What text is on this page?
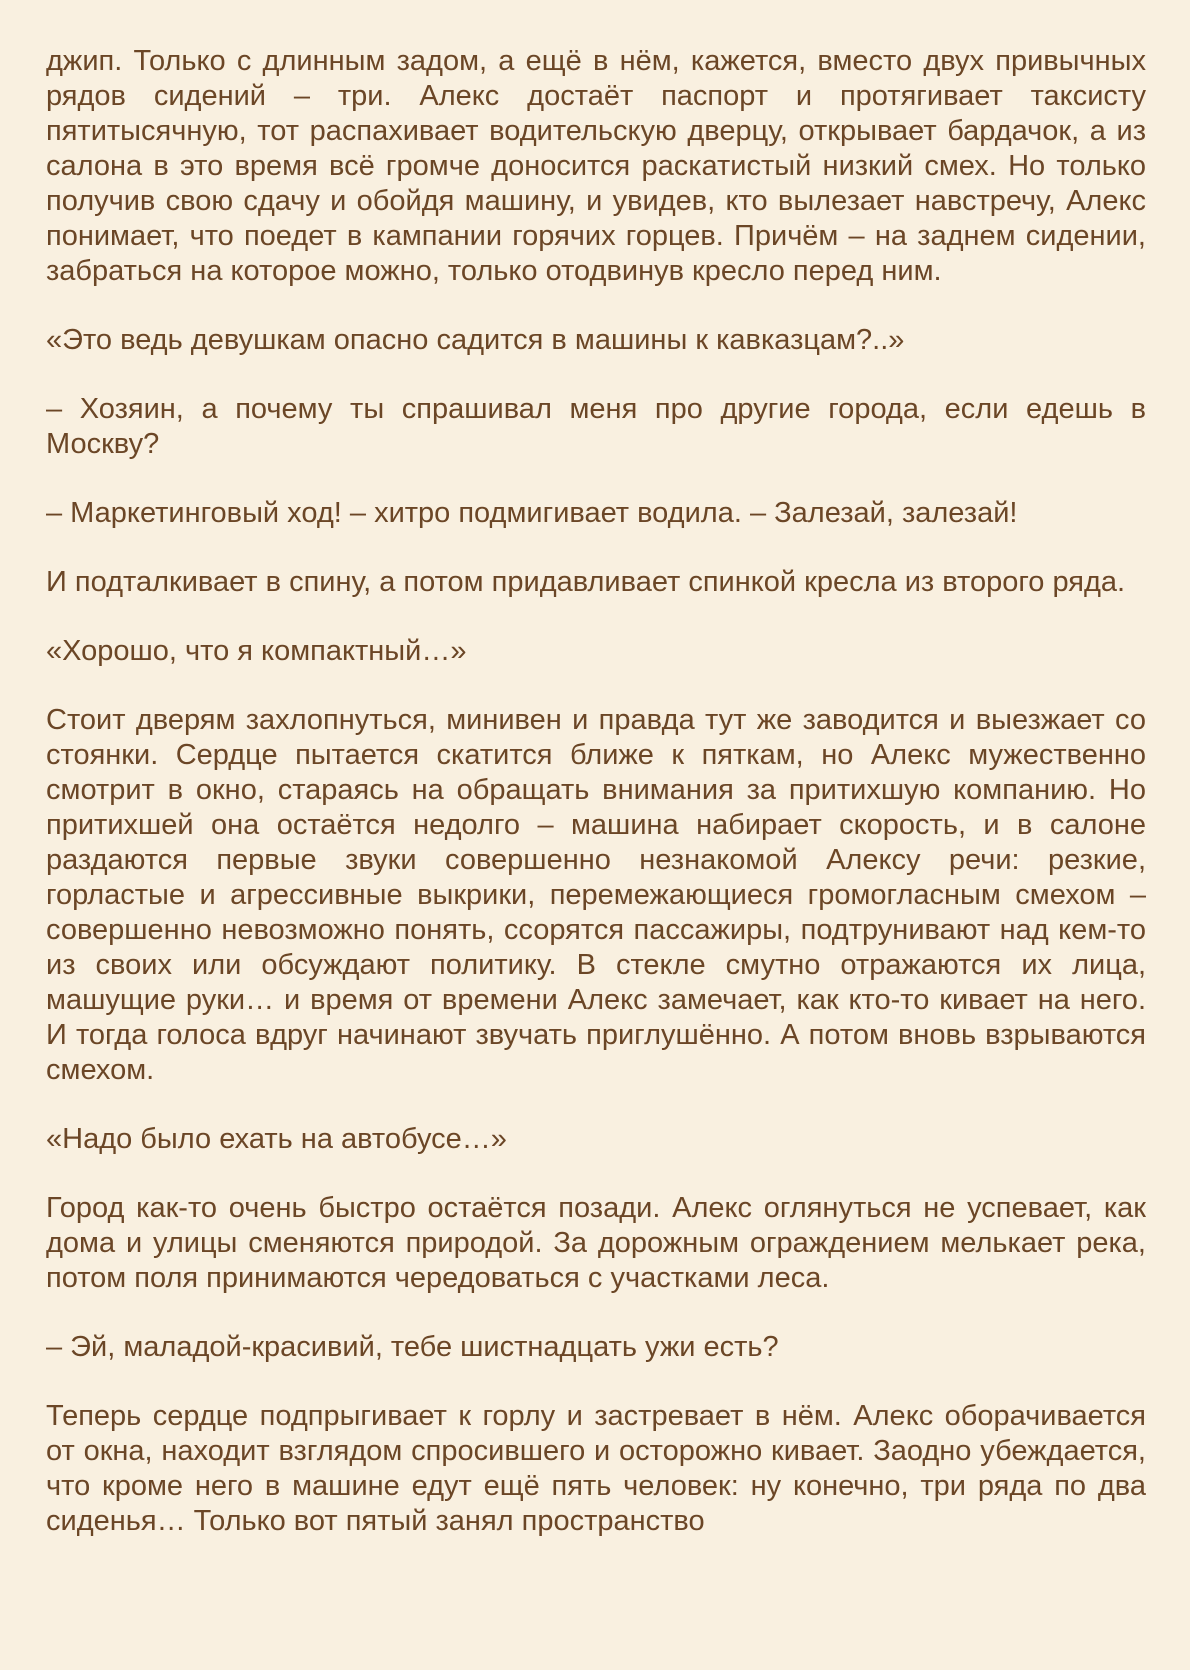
джип. Только с длинным задом, а ещё в нём, кажется, вместо двух привычных рядов сидений – три. Алекс достаёт паспорт и протягивает таксисту пятитысячную, тот распахивает водительскую дверцу, открывает бардачок, а из салона в это время всё громче доносится раскатистый низкий смех. Но только получив свою сдачу и обойдя машину, и увидев, кто вылезает навстречу, Алекс понимает, что поедет в кампании горячих горцев. Причём – на заднем сидении, забраться на которое можно, только отодвинув кресло перед ним.

«Это ведь девушкам опасно садится в машины к кавказцам?..»

– Хозяин, а почему ты спрашивал меня про другие города, если едешь в Москву?

– Маркетинговый ход! – хитро подмигивает водила. – Залезай, залезай!

И подталкивает в спину, а потом придавливает спинкой кресла из второго ряда.

«Хорошо, что я компактный…»

Стоит дверям захлопнуться, минивен и правда тут же заводится и выезжает со стоянки. Сердце пытается скатится ближе к пяткам, но Алекс мужественно смотрит в окно, стараясь на обращать внимания за притихшую компанию. Но притихшей она остаётся недолго – машина набирает скорость, и в салоне раздаются первые звуки совершенно незнакомой Алексу речи: резкие, горластые и агрессивные выкрики, перемежающиеся громогласным смехом – совершенно невозможно понять, ссорятся пассажиры, подтрунивают над кем-то из своих или обсуждают политику. В стекле смутно отражаются их лица, машущие руки… и время от времени Алекс замечает, как кто-то кивает на него. И тогда голоса вдруг начинают звучать приглушённо. А потом вновь взрываются смехом.

«Надо было ехать на автобусе…»

Город как-то очень быстро остаётся позади. Алекс оглянуться не успевает, как дома и улицы сменяются природой. За дорожным ограждением мелькает река, потом поля принимаются чередоваться с участками леса.

– Эй, маладой-красивий, тебе шистнадцать ужи есть?

Теперь сердце подпрыгивает к горлу и застревает в нём. Алекс оборачивается от окна, находит взглядом спросившего и осторожно кивает. Заодно убеждается, что кроме него в машине едут ещё пять человек: ну конечно, три ряда по два сиденья… Только вот пятый занял пространство
